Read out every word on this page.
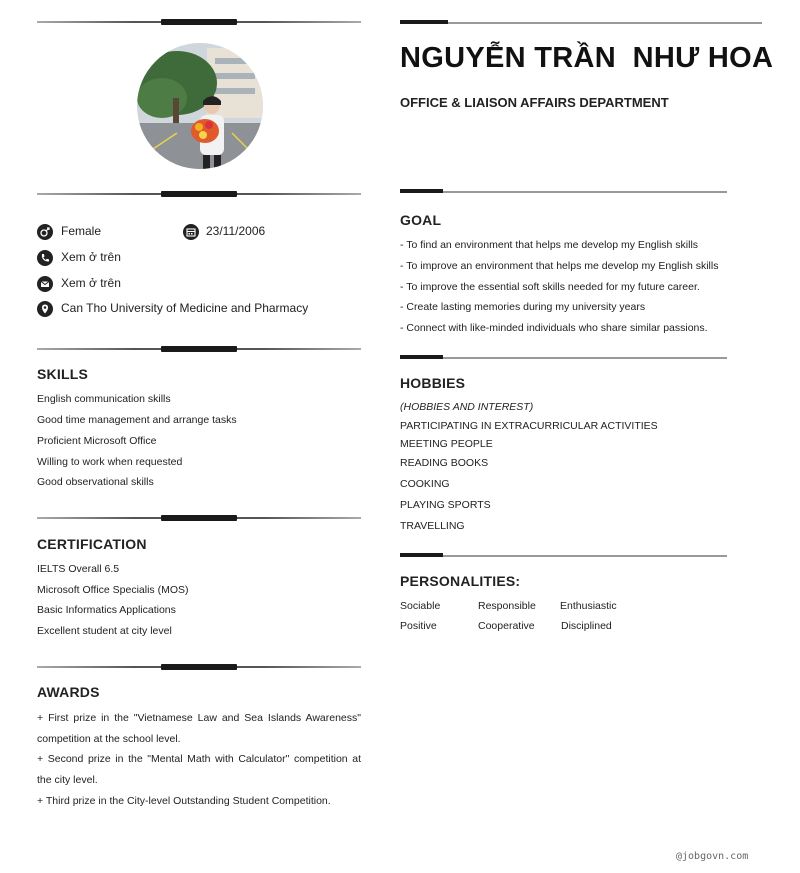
Female	23/11/2006
Xem ở trên
Xem ở trên
Can Tho University of Medicine and Pharmacy
SKILLS
English communication skills
Good time management and arrange tasks
Proficient Microsoft Office
Willing to work when requested
Good observational skills
CERTIFICATION
IELTS Overall 6.5
Microsoft Office Specialis (MOS)
Basic Informatics Applications
Excellent student at city level
AWARDS
+ First prize in the "Vietnamese Law and Sea Islands Awareness" competition at the school level.
+ Second prize in the "Mental Math with Calculator" competition at the city level.
+ Third prize in the City-level Outstanding Student Competition.
NGUYỄN TRẦN  NHƯ HOA
OFFICE & LIAISON AFFAIRS DEPARTMENT
GOAL
- To find an environment that helps me develop my English skills
- To improve an environment that helps me develop my English skills
- To improve the essential soft skills needed for my future career.
- Create lasting memories during my university years
- Connect with like-minded individuals who share similar passions.
HOBBIES
(HOBBIES AND INTEREST)
PARTICIPATING IN EXTRACURRICULAR ACTIVITIES
MEETING PEOPLE
READING BOOKS
COOKING
PLAYING SPORTS
TRAVELLING
PERSONALITIES:
Sociable	Responsible Enthusiastic
Positive	Cooperative	Disciplined
@jobgovn.com
